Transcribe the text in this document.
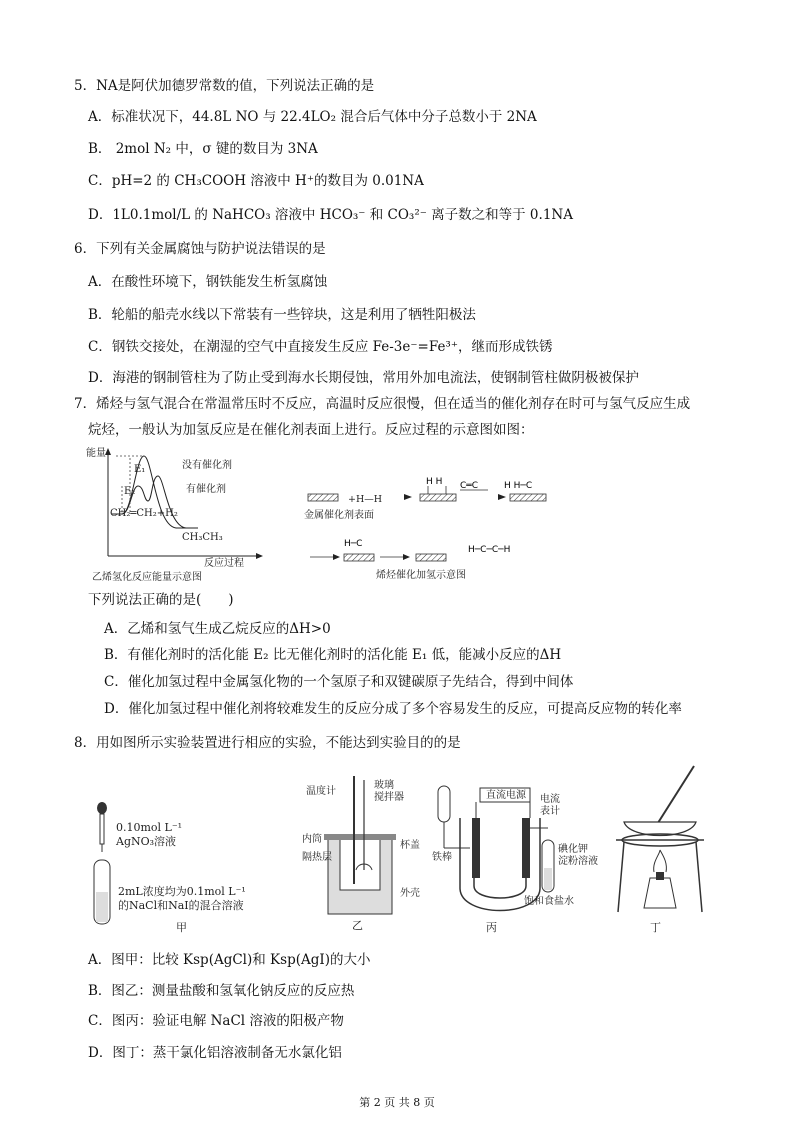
5．NA是阿伏加德罗常数的值，下列说法正确的是
A．标准状况下，44.8L NO 与 22.4LO₂ 混合后气体中分子总数小于 2NA
B． 2mol N₂ 中，σ 键的数目为 3NA
C．pH=2 的 CH₃COOH 溶液中 H⁺的数目为 0.01NA
D．1L0.1mol/L 的 NaHCO₃ 溶液中 HCO₃⁻ 和 CO₃²⁻ 离子数之和等于 0.1NA
6．下列有关金属腐蚀与防护说法错误的是
A．在酸性环境下，钢铁能发生析氢腐蚀
B．轮船的船壳水线以下常装有一些锌块，这是利用了牺牲阳极法
C．钢铁交接处，在潮湿的空气中直接发生反应 Fe-3e⁻=Fe³⁺，继而形成铁锈
D．海港的钢制管柱为了防止受到海水长期侵蚀，常用外加电流法，使钢制管柱做阴极被保护
7．烯烃与氢气混合在常温常压时不反应，高温时反应很慢，但在适当的催化剂存在时可与氢气反应生成
烷烃，一般认为加氢反应是在催化剂表面上进行。反应过程的示意图如图：
能量
没有催化剂
有催化剂
E₁
E₂
CH₂═CH₂+H₂
CH₃CH₃
反应过程
乙烯氢化反应能量示意图
H H C═C	H H─C
H─C
H─C─C─H
+H—H
金属催化剂表面
烯烃催化加氢示意图
下列说法正确的是(　　)
A．乙烯和氢气生成乙烷反应的ΔH>0
B．有催化剂时的活化能 E₂ 比无催化剂时的活化能 E₁ 低，能减小反应的ΔH
C．催化加氢过程中金属氢化物的一个氢原子和双键碳原子先结合，得到中间体
D．催化加氢过程中催化剂将较难发生的反应分成了多个容易发生的反应，可提高反应物的转化率
8．用如图所示实验装置进行相应的实验，不能达到实验目的的是
0.10mol L⁻¹
AgNO₃溶液
2mL浓度均为0.1mol L⁻¹
的NaCl和NaI的混合溶液
甲
温度计
玻璃
搅拌器
内筒
隔热层
杯盖
外壳
乙
直流电源 电流
表计
铁棒
碘化钾
淀粉溶液
饱和食盐水
丙	丁
A．图甲：比较 Ksp(AgCl)和 Ksp(AgI)的大小
B．图乙：测量盐酸和氢氧化钠反应的反应热
C．图丙：验证电解 NaCl 溶液的阳极产物
D．图丁：蒸干氯化铝溶液制备无水氯化铝
第 2 页 共 8 页
